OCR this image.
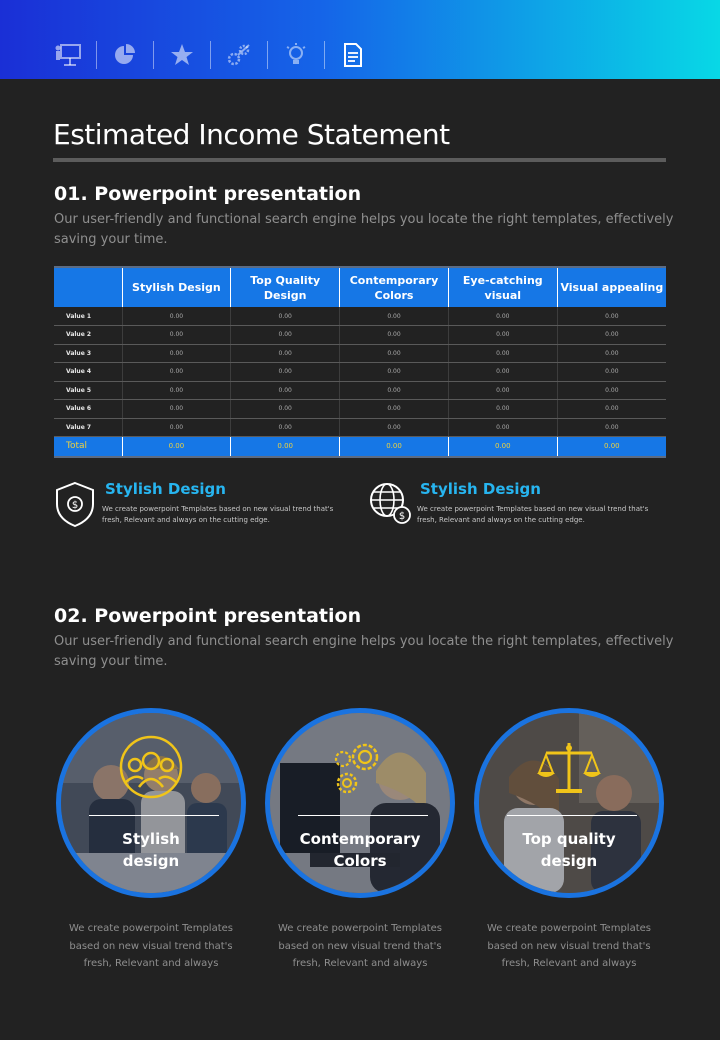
Estimated Income Statement
01. Powerpoint presentation
Our user-friendly and functional search engine helps you locate the right templates, effectively saving your time.
	Stylish Design	Top Quality Design	Contemporary Colors	Eye-catching visual	Visual appealing
Value 1	0.00	0.00	0.00	0.00	0.00
Value 2	0.00	0.00	0.00	0.00	0.00
Value 3	0.00	0.00	0.00	0.00	0.00
Value 4	0.00	0.00	0.00	0.00	0.00
Value 5	0.00	0.00	0.00	0.00	0.00
Value 6	0.00	0.00	0.00	0.00	0.00
Value 7	0.00	0.00	0.00	0.00	0.00
Total	0.00	0.00	0.00	0.00	0.00
$
Stylish Design
We create powerpoint Templates based on new visual trend that's fresh, Relevant and always on the cutting edge.	$
Stylish Design
We create powerpoint Templates based on new visual trend that's fresh, Relevant and always on the cutting edge.
02. Powerpoint presentation
Our user-friendly and functional search engine helps you locate the right templates, effectively saving your time.
Stylish
design
Contemporary
Colors
Top quality
design
We create powerpoint Templates based on new visual trend that's fresh, Relevant and always
We create powerpoint Templates based on new visual trend that's fresh, Relevant and always
We create powerpoint Templates based on new visual trend that's fresh, Relevant and always
